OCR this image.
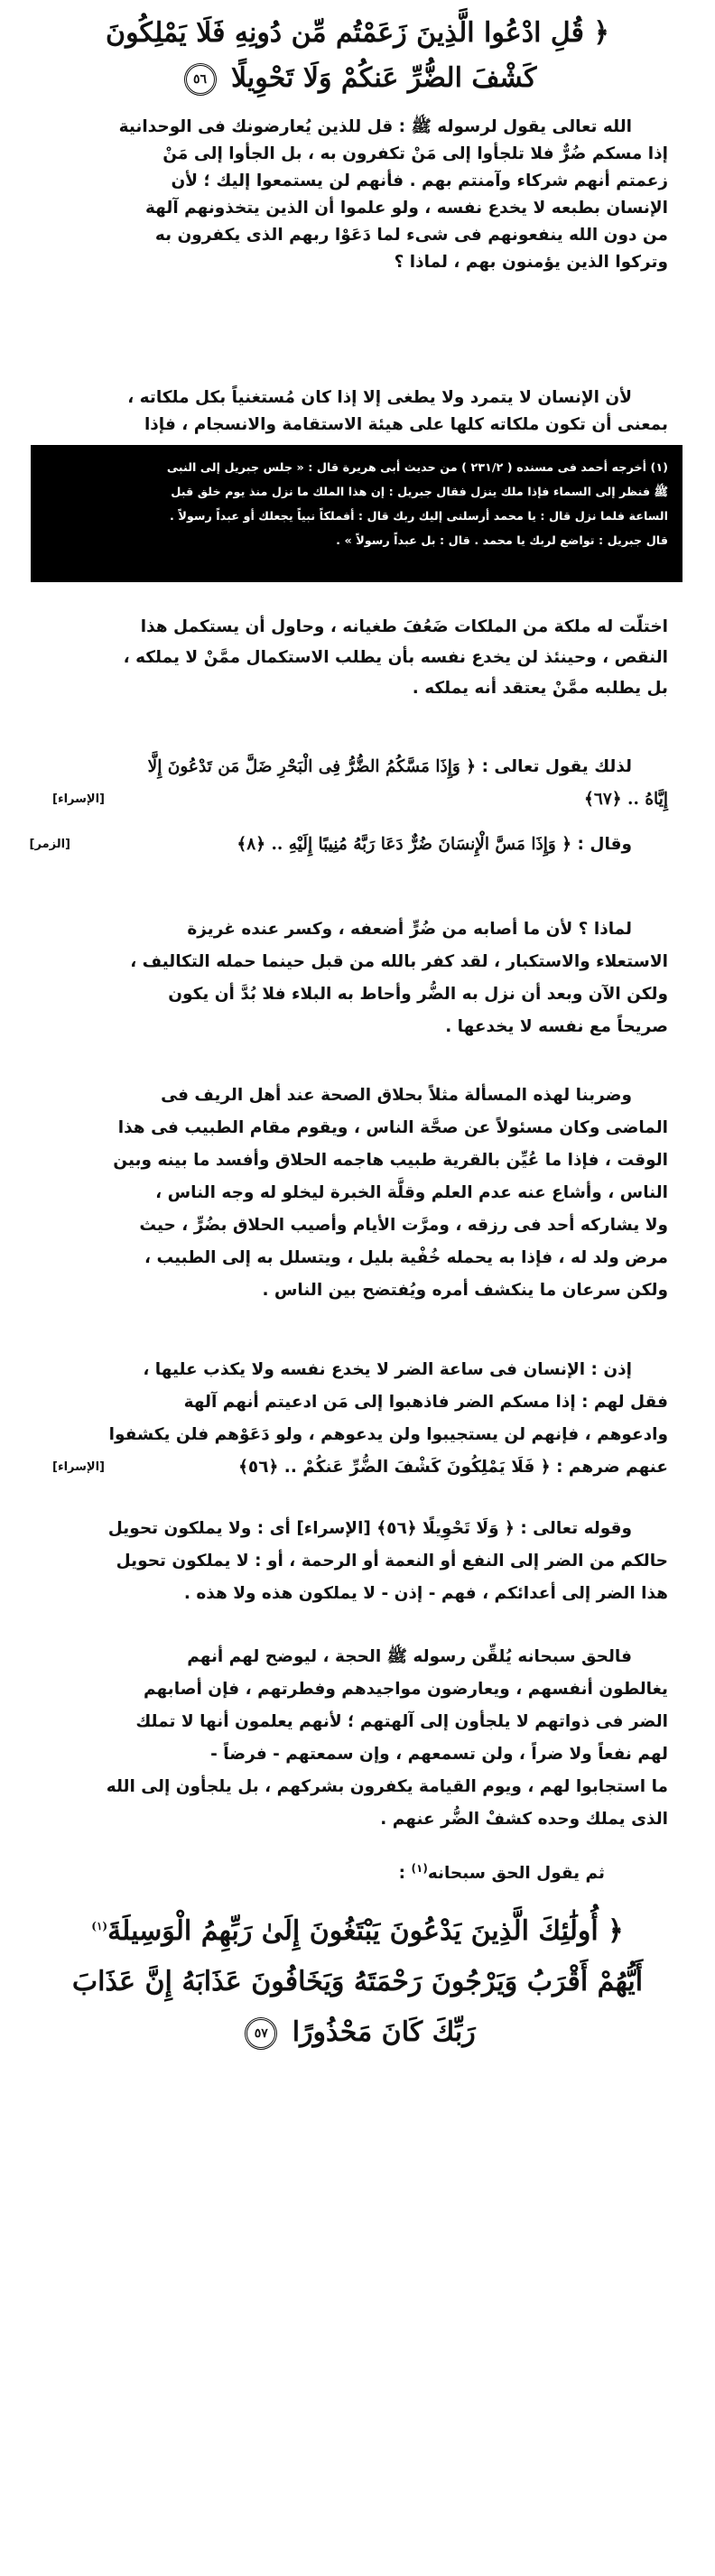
﴿ قُلِ ادْعُوا الَّذِينَ زَعَمْتُم مِّن دُونِهِ فَلَا يَمْلِكُونَ

كَشْفَ الضُّرِّ عَنكُمْ وَلَا تَحْوِيلًا ٥٦

الله تعالى يقول لرسوله ﷺ : قل للذين يُعارضونك فى الوحدانية

إذا مسكم ضُرٌّ فلا تلجأوا إلى مَنْ تكفرون به ، بل الجأوا إلى مَنْ

زعمتم أنهم شركاء وآمنتم بهم . فأنهم لن يستمعوا إليك ؛ لأن

الإنسان بطبعه لا يخدع نفسه ، ولو علموا أن الذين يتخذونهم آلهة

من دون الله ينفعونهم فى شىء لما دَعَوْا ربهم الذى يكفرون به

وتركوا الذين يؤمنون بهم ، لماذا ؟

لأن الإنسان لا يتمرد ولا يطغى إلا إذا كان مُستغنياً بكل ملكاته ،

بمعنى أن تكون ملكاته كلها على هيئة الاستقامة والانسجام ، فإذا

(١) أخرجه أحمد فى مسنده ( ٢٣١/٢ ) من حديث أبى هريرة قال : « جلس جبريل إلى النبى

ﷺ فنظر إلى السماء فإذا ملك ينزل فقال جبريل : إن هذا الملك ما نزل منذ يوم خلق قبل

الساعة فلما نزل قال : يا محمد أرسلنى إليك ربك قال : أفملكاً نبياً يجعلك أو عبداً رسولاً .

قال جبريل : تواضع لربك يا محمد . قال : بل عبداً رسولاً » .

اختلّت له ملكة من الملكات ضَعُفَ طغيانه ، وحاول أن يستكمل هذا

النقص ، وحينئذ لن يخدع نفسه بأن يطلب الاستكمال ممَّنْ لا يملكه ،

بل يطلبه ممَّنْ يعتقد أنه يملكه .

لذلك يقول تعالى : ﴿ وَإِذَا مَسَّكُمُ الضُّرُّ فِى الْبَحْرِ ضَلَّ مَن تَدْعُونَ إِلَّا

إِيَّاهُ .. ﴿٦٧﴾
[الإسراء]

وقال : ﴿ وَإِذَا مَسَّ الْإِنسَانَ ضُرٌّ دَعَا رَبَّهُ مُنِيبًا إِلَيْهِ .. ﴿٨﴾
[الزمر]

لماذا ؟ لأن ما أصابه من ضُرٍّ أضعفه ، وكسر عنده غريزة

الاستعلاء والاستكبار ، لقد كفر بالله من قبل حينما حمله التكاليف ،

ولكن الآن وبعد أن نزل به الضُّر وأحاط به البلاء فلا بُدَّ أن يكون

صريحاً مع نفسه لا يخدعها .

وضربنا لهذه المسألة مثلاً بحلاق الصحة عند أهل الريف فى

الماضى وكان مسئولاً عن صحَّة الناس ، ويقوم مقام الطبيب فى هذا

الوقت ، فإذا ما عُيِّن بالقرية طبيب هاجمه الحلاق وأفسد ما بينه وبين

الناس ، وأشاع عنه عدم العلم وقلَّة الخبرة ليخلو له وجه الناس ،

ولا يشاركه أحد فى رزقه ، ومرَّت الأيام وأصيب الحلاق بضُرٍّ ، حيث

مرض ولد له ، فإذا به يحمله خُفْية بليل ، ويتسلل به إلى الطبيب ،

ولكن سرعان ما ينكشف أمره ويُفتضح بين الناس .

إذن : الإنسان فى ساعة الضر لا يخدع نفسه ولا يكذب عليها ،

فقل لهم : إذا مسكم الضر فاذهبوا إلى مَن ادعيتم أنهم آلهة

وادعوهم ، فإنهم لن يستجيبوا ولن يدعوهم ، ولو دَعَوْهم فلن يكشفوا

عنهم ضرهم : ﴿ فَلَا يَمْلِكُونَ كَشْفَ الضُّرِّ عَنكُمْ .. ﴿٥٦﴾
[الإسراء]

وقوله تعالى : ﴿ وَلَا تَحْوِيلًا ﴿٥٦﴾ [الإسراء] أى : ولا يملكون تحويل

حالكم من الضر إلى النفع أو النعمة أو الرحمة ، أو : لا يملكون تحويل

هذا الضر إلى أعدائكم ، فهم - إذن - لا يملكون هذه ولا هذه .

فالحق سبحانه يُلقِّن رسوله ﷺ الحجة ، ليوضح لهم أنهم

يغالطون أنفسهم ، ويعارضون مواجيدهم وفطرتهم ، فإن أصابهم

الضر فى ذواتهم لا يلجأون إلى آلهتهم ؛ لأنهم يعلمون أنها لا تملك

لهم نفعاً ولا ضراً ، ولن تسمعهم ، وإن سمعتهم - فرضاً -

ما استجابوا لهم ، ويوم القيامة يكفرون بشركهم ، بل يلجأون إلى الله

الذى يملك وحده كشفْ الضُّر عنهم .

ثم يقول الحق سبحانه$^{(١)}$ :

﴿ أُولَٰئِكَ الَّذِينَ يَدْعُونَ يَبْتَغُونَ إِلَىٰ رَبِّهِمُ الْوَسِيلَةَ$^{(١)}$

أَيُّهُمْ أَقْرَبُ وَيَرْجُونَ رَحْمَتَهُ وَيَخَافُونَ عَذَابَهُ إِنَّ عَذَابَ

رَبِّكَ كَانَ مَحْذُورًا ٥٧
